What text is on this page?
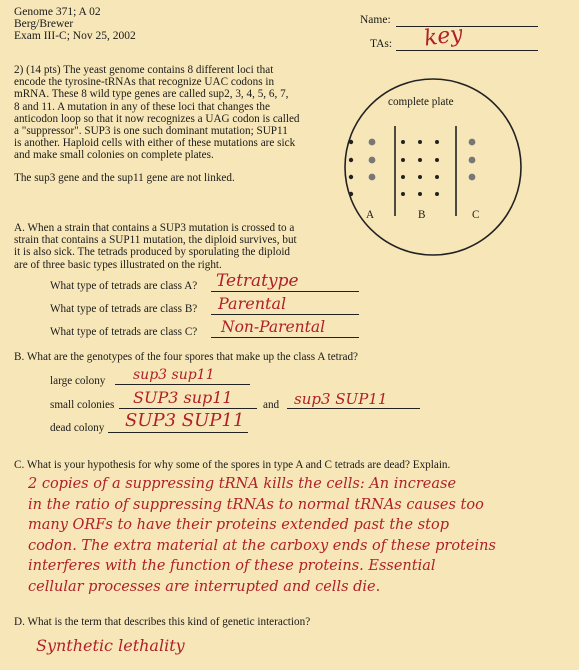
Genome 371; A 02
Berg/Brewer
Exam III-C; Nov 25, 2002
Name:
TAs: key
2) (14 pts) The yeast genome contains 8 different loci that
encode the tyrosine-tRNAs that recognize UAC codons in
mRNA. These 8 wild type genes are called sup2, 3, 4, 5, 6, 7,
8 and 11. A mutation in any of these loci that changes the
anticodon loop so that it now recognizes a UAG codon is called
a "suppressor". SUP3 is one such dominant mutation; SUP11
is another. Haploid cells with either of these mutations are sick
and make small colonies on complete plates.
The sup3 gene and the sup11 gene are not linked.
complete plate
A	B	C
A. When a strain that contains a SUP3 mutation is crossed to a
strain that contains a SUP11 mutation, the diploid survives, but
it is also sick. The tetrads produced by sporulating the diploid
are of three basic types illustrated on the right.
What type of tetrads are class A? Tetratype
What type of tetrads are class B? Parental
What type of tetrads are class C? Non-Parental
B. What are the genotypes of the four spores that make up the class A tetrad?
large colony sup3 sup11
small colonies SUP3 sup11	and sup3 SUP11
dead colony SUP3 SUP11
C. What is your hypothesis for why some of the spores in type A and C tetrads are dead? Explain.
2 copies of a suppressing tRNA kills the cells: An increase
in the ratio of suppressing tRNAs to normal tRNAs causes too
many ORFs to have their proteins extended past the stop
codon. The extra material at the carboxy ends of these proteins
interferes with the function of these proteins. Essential
cellular processes are interrupted and cells die.
D. What is the term that describes this kind of genetic interaction?
Synthetic lethality
